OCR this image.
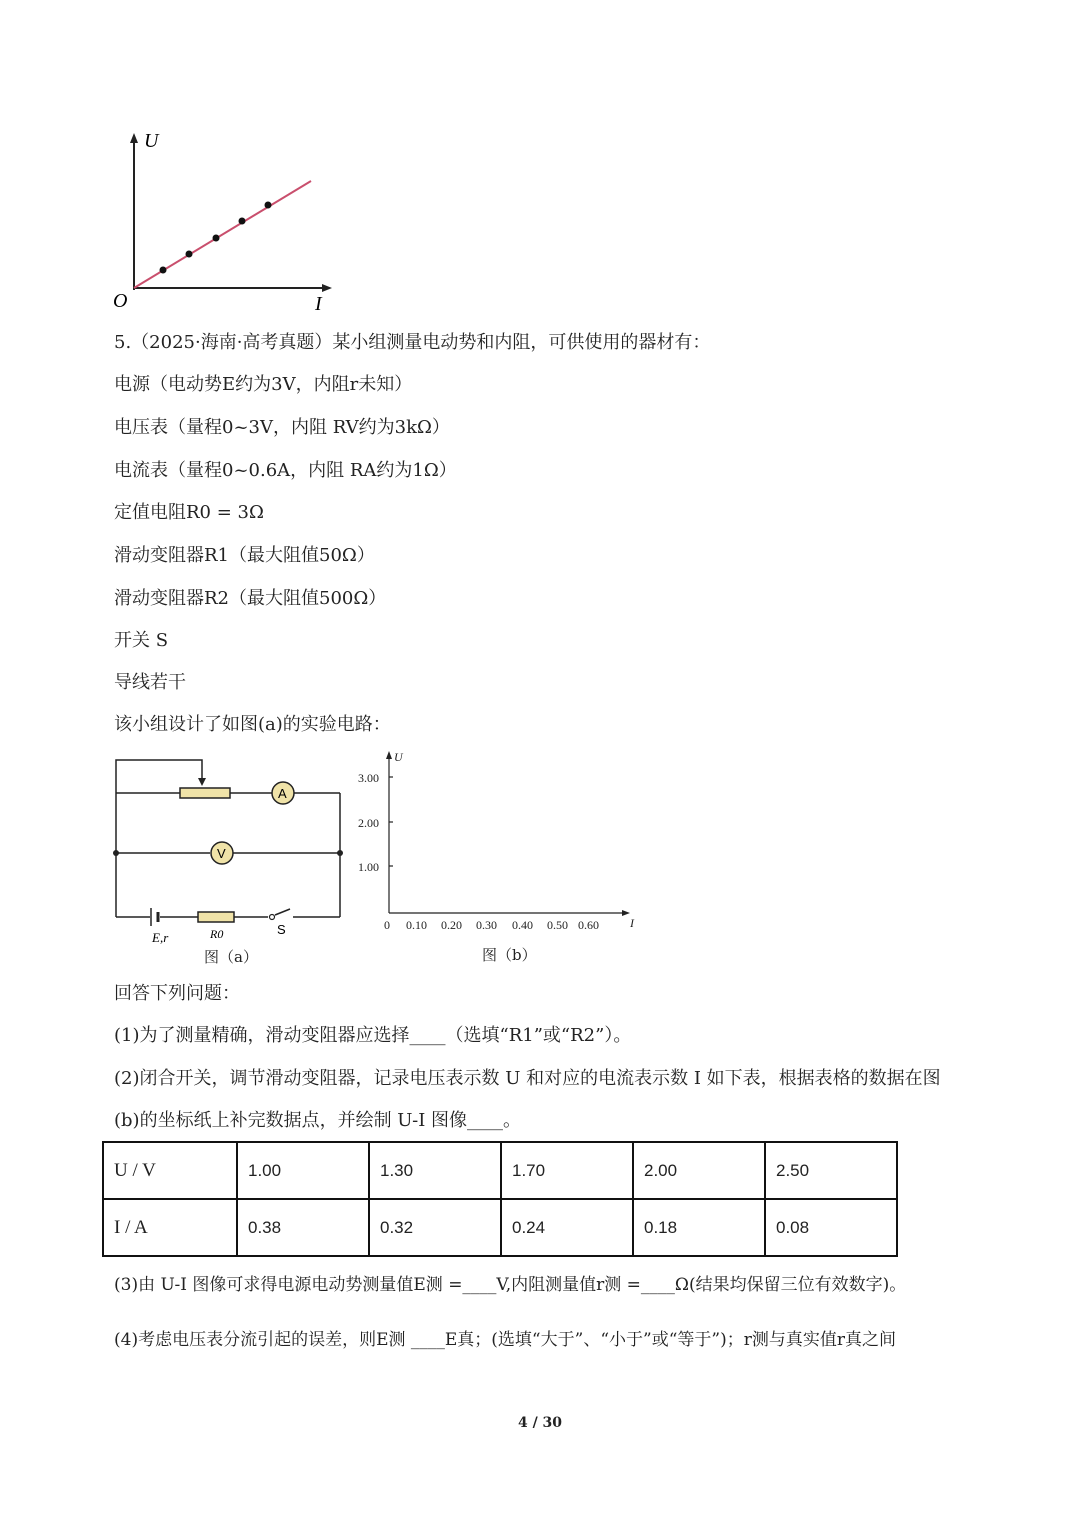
U
I
O
5.（2025·海南·高考真题）某小组测量电动势和内阻，可供使用的器材有：
电源（电动势E约为3V，内阻r未知）
电压表（量程0~3V，内阻 RV约为3kΩ）
电流表（量程0~0.6A，内阻 RA约为1Ω）
定值电阻R0 = 3Ω
滑动变阻器R1（最大阻值50Ω）
滑动变阻器R2（最大阻值500Ω）
开关 S
导线若干
该小组设计了如图(a)的实验电路：
A
V
E,r	R0	S
图（a）
3.00
2.00
1.00
0 0.10 0.20 0.30 0.40 0.50 0.60
U
I
图（b）
回答下列问题：
(1)为了测量精确，滑动变阻器应选择____（选填“R1”或“R2”）。
(2)闭合开关，调节滑动变阻器，记录电压表示数 U 和对应的电流表示数 I 如下表，根据表格的数据在图
(b)的坐标纸上补完数据点，并绘制 U-I 图像____。
U / V	1.00	1.30	1.70	2.00	2.50
I / A	0.38	0.32	0.24	0.18	0.08
(3)由 U-I 图像可求得电源电动势测量值E测 =____V,内阻测量值r测 =____Ω(结果均保留三位有效数字)。
(4)考虑电压表分流引起的误差，则E测 ____E真；(选填“大于”、“小于”或“等于”)；r测与真实值r真之间
4 / 30
